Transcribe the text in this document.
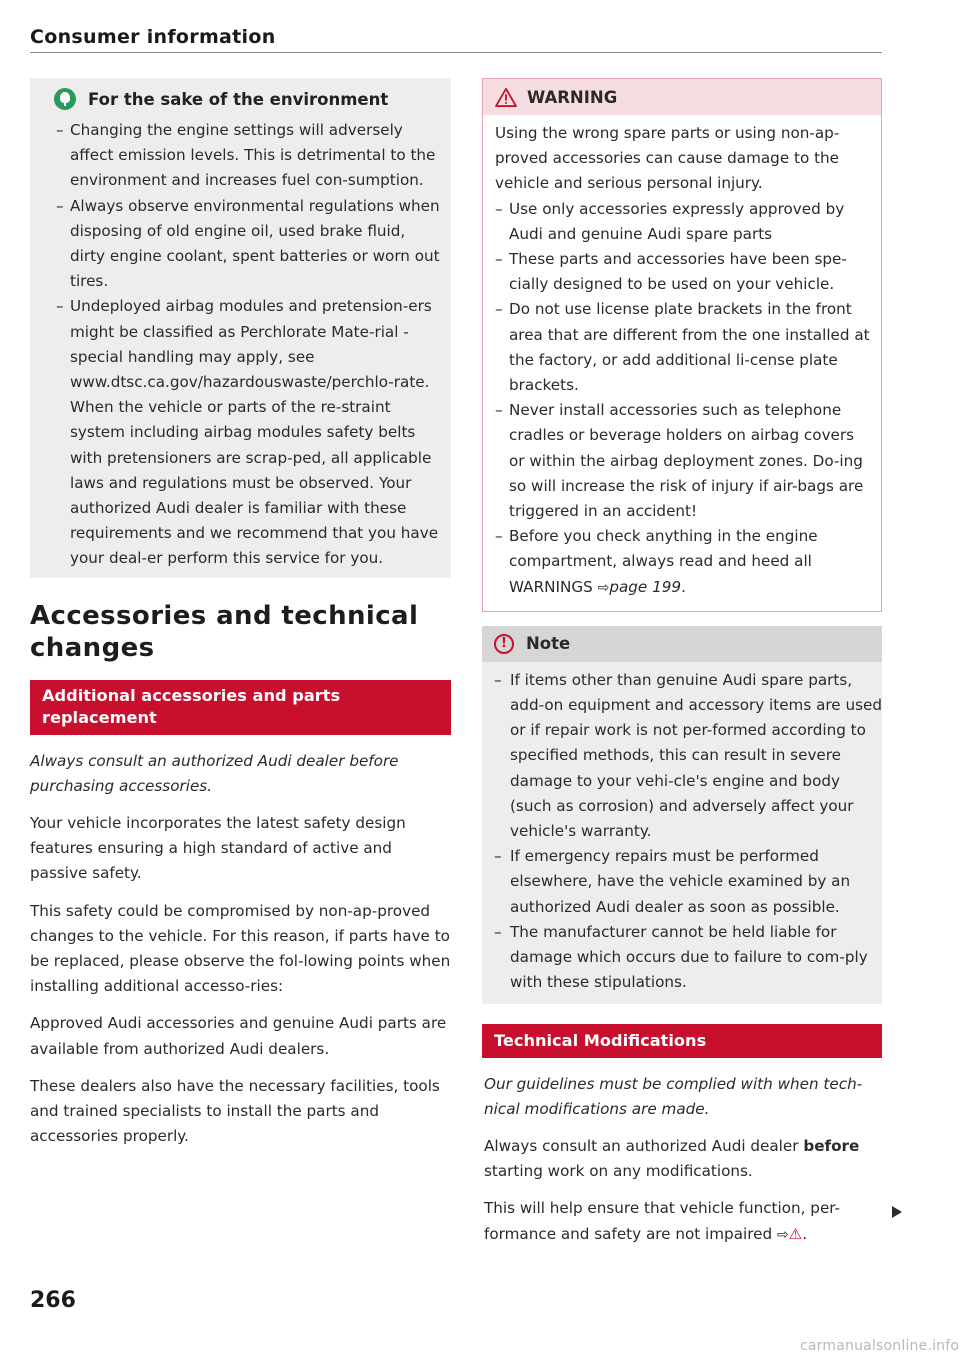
Consumer information
For the sake of the environment
– Changing the engine settings will adversely affect emission levels. This is detrimental to the environment and increases fuel con-sumption.
– Always observe environmental regulations when disposing of old engine oil, used brake fluid, dirty engine coolant, spent batteries or worn out tires.
– Undeployed airbag modules and pretension-ers might be classified as Perchlorate Mate-rial -special handling may apply, see www.dtsc.ca.gov/hazardouswaste/perchlo-rate. When the vehicle or parts of the re-straint system including airbag modules safety belts with pretensioners are scrap-ped, all applicable laws and regulations must be observed. Your authorized Audi dealer is familiar with these requirements and we recommend that you have your deal-er perform this service for you.
Accessories and technical changes
Additional accessories and parts replacement

Always consult an authorized Audi dealer before purchasing accessories.

Your vehicle incorporates the latest safety design features ensuring a high standard of active and passive safety.

This safety could be compromised by non-ap-proved changes to the vehicle. For this reason, if parts have to be replaced, please observe the fol-lowing points when installing additional accesso-ries:

Approved Audi accessories and genuine Audi parts are available from authorized Audi dealers.

These dealers also have the necessary facilities, tools and trained specialists to install the parts and accessories properly.

WARNING

Using the wrong spare parts or using non-ap-proved accessories can cause damage to the vehicle and serious personal injury.

– Use only accessories expressly approved by Audi and genuine Audi spare parts
– These parts and accessories have been spe-cially designed to be used on your vehicle.
– Do not use license plate brackets in the front area that are different from the one installed at the factory, or add additional li-cense plate brackets.
– Never install accessories such as telephone cradles or beverage holders on airbag covers or within the airbag deployment zones. Do-ing so will increase the risk of injury if air-bags are triggered in an accident!
– Before you check anything in the engine compartment, always read and heed all WARNINGS ⇨page 199.
!	Note
– If items other than genuine Audi spare parts, add-on equipment and accessory items are used or if repair work is not per-formed according to specified methods, this can result in severe damage to your vehi-cle's engine and body (such as corrosion) and adversely affect your vehicle's warranty.
– If emergency repairs must be performed elsewhere, have the vehicle examined by an authorized Audi dealer as soon as possible.
– The manufacturer cannot be held liable for damage which occurs due to failure to com-ply with these stipulations.
Technical Modifications

Our guidelines must be complied with when tech-nical modifications are made.

Always consult an authorized Audi dealer before starting work on any modifications.

This will help ensure that vehicle function, per-formance and safety are not impaired ⇨⚠.

266
carmanualsonline.info
